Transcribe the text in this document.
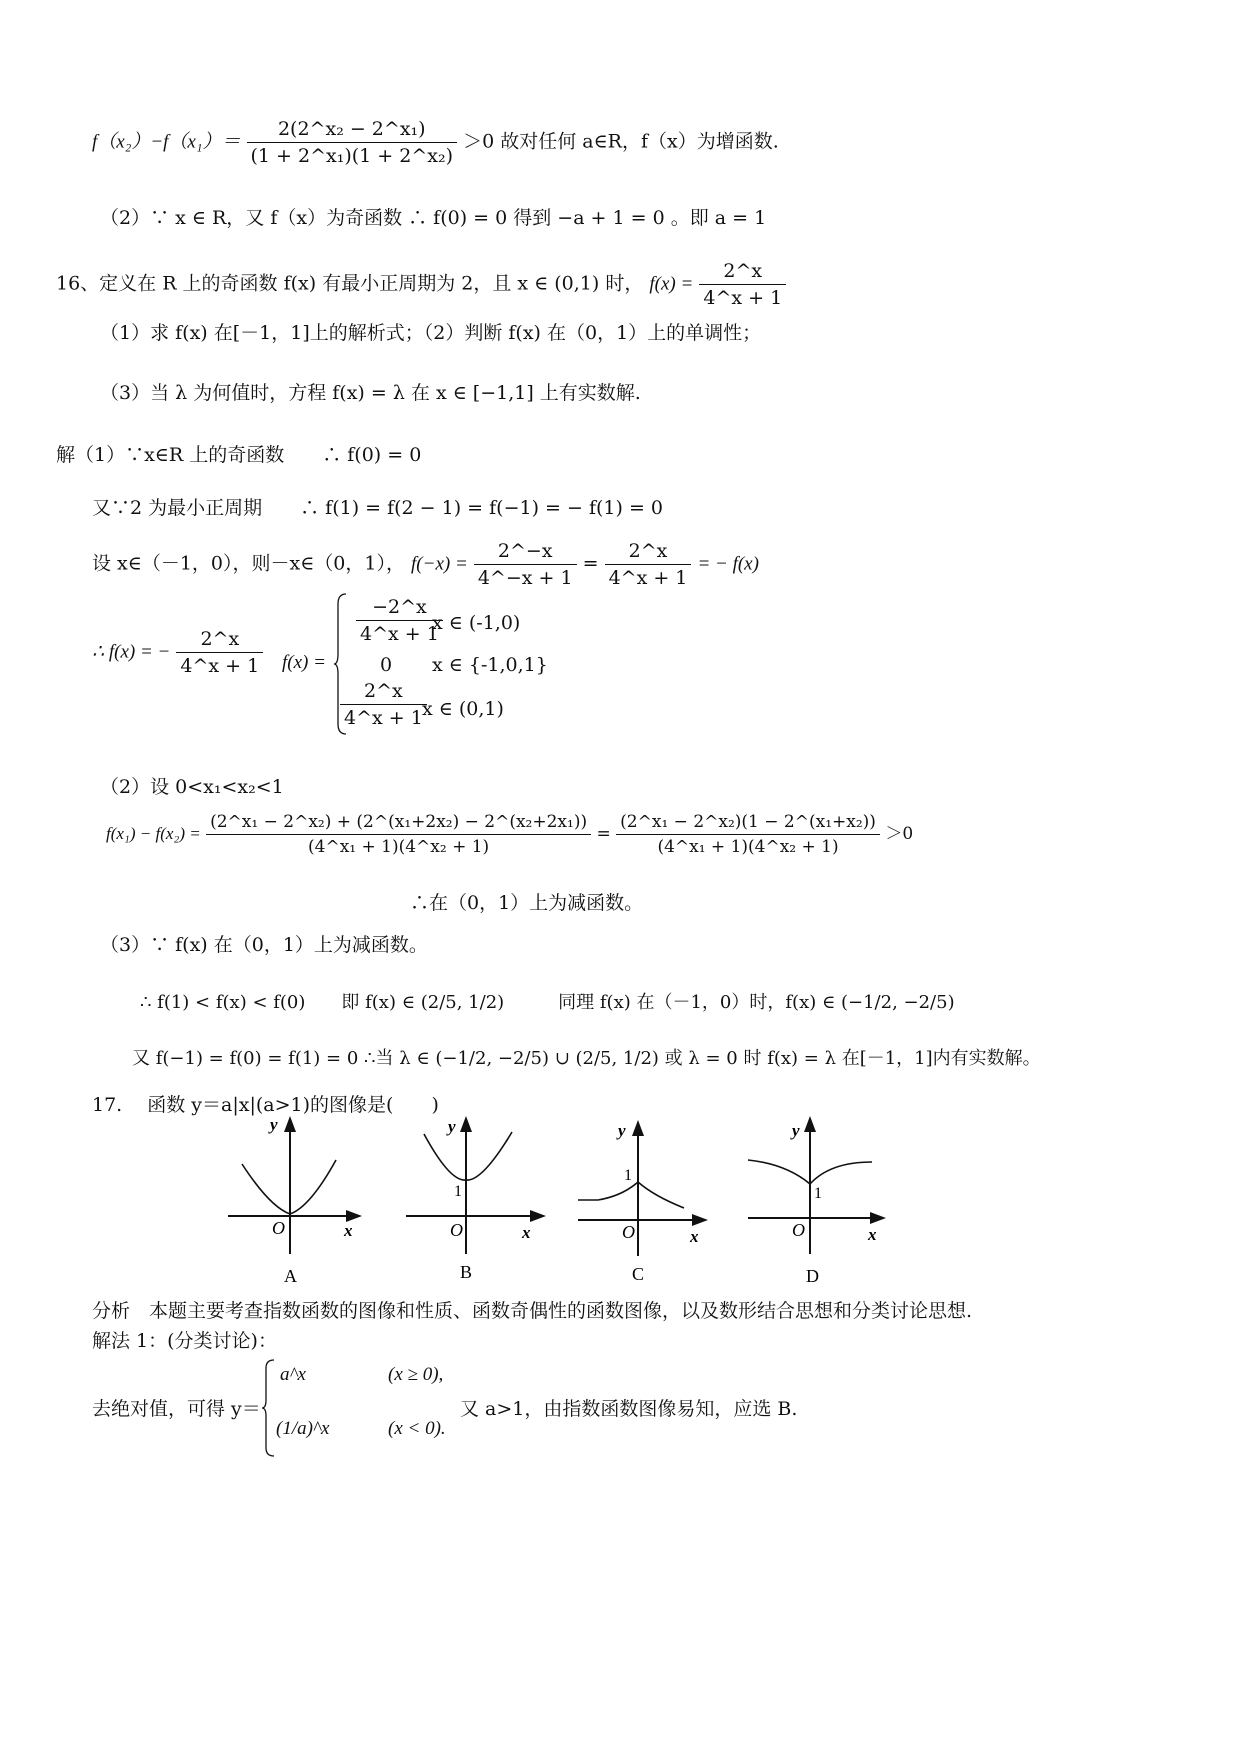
$f(x_2)-f(x_1)= \frac{\text{2(2\textasciicircum{}x₂ − 2\textasciicircum{}x₁)}}{\text{(1 + 2\textasciicircum{}x₁)(1 + 2\textasciicircum{}x₂)}} >0$ 故对任何 a∈R，f（x）为增函数.
（2）∵ x ∈ R，又 f（x）为奇函数 ∴ f(0) = 0 得到 −a + 1 = 0 。即 a = 1
16、定义在 R 上的奇函数 f(x) 有最小正周期为 2，且 x ∈ (0,1) 时， $f(x) = \frac{2\^{}x}{4\^{}x + 1}$
（1）求 f(x) 在[－1，1]上的解析式；（2）判断 f(x) 在（0，1）上的单调性；
（3）当 λ 为何值时，方程 f(x) = λ 在 x ∈ [−1,1] 上有实数解.
解（1）∵x∈R 上的奇函数　　∴ f(0) = 0
又∵2 为最小正周期　　∴ f(1) = f(2 − 1) = f(−1) = − f(1) = 0
设 x∈（－1，0），则－x∈（0，1）， $f(-x) = \frac{2\^{}-x}{4\^{}-x + 1} = \frac{2\^{}x}{4\^{}x + 1}$ = − f(x)
∴ f(x) = − $\frac{2\^{}x}{4\^{}x + 1} f(x)$ =
$\frac{-2\^{}x}{4\^{}x + 1}$
x ∈ (-1,0)
0 x ∈ {-1,0,1}
$\frac{2\^{}x}{4\^{}x + 1}$
x ∈ (0,1)
（2）设 0<x₁<x₂<1
$f(x_1) - f(x_2) = \frac{\text{(2\textasciicircum{}x₁ − 2\textasciicircum{}x₂) + (2\textasciicircum{}(x₁+2x₂) − 2\textasciicircum{}(x₂+2x₁))}}{\text{(4\textasciicircum{}x₁ + 1)(4\textasciicircum{}x₂ + 1)}} = \frac{\text{(2\textasciicircum{}x₁ − 2\textasciicircum{}x₂)(1 − 2\textasciicircum{}(x₁+x₂))}}{\text{(4\textasciicircum{}x₁ + 1)(4\textasciicircum{}x₂ + 1)}} >0$
∴在（0，1）上为减函数。
（3）∵ f(x) 在（0，1）上为减函数。
∴ f(1) < f(x) < f(0)　　即 f(x) ∈ (2/5, 1/2)　　　同理 f(x) 在（－1，0）时，f(x) ∈ (−1/2, −2/5)
又 f(−1) = f(0) = f(1) = 0 ∴当 λ ∈ (−1/2, −2/5) ∪ (2/5, 1/2) 或 λ = 0 时 f(x) = λ 在[－1，1]内有实数解。
17.　 函数 y＝a|x|(a>1)的图像是(　　)
y
x
O
A
y
x
O
1
B
y
x
O
1
C
y
x
O
1
D
分析　本题主要考查指数函数的图像和性质、函数奇偶性的函数图像，以及数形结合思想和分类讨论思想.
解法 1：(分类讨论)：
去绝对值，可得 y＝
a^x	(x ≥ 0),
(1/a)^x	(x < 0).
又 a>1，由指数函数图像易知，应选 B.
